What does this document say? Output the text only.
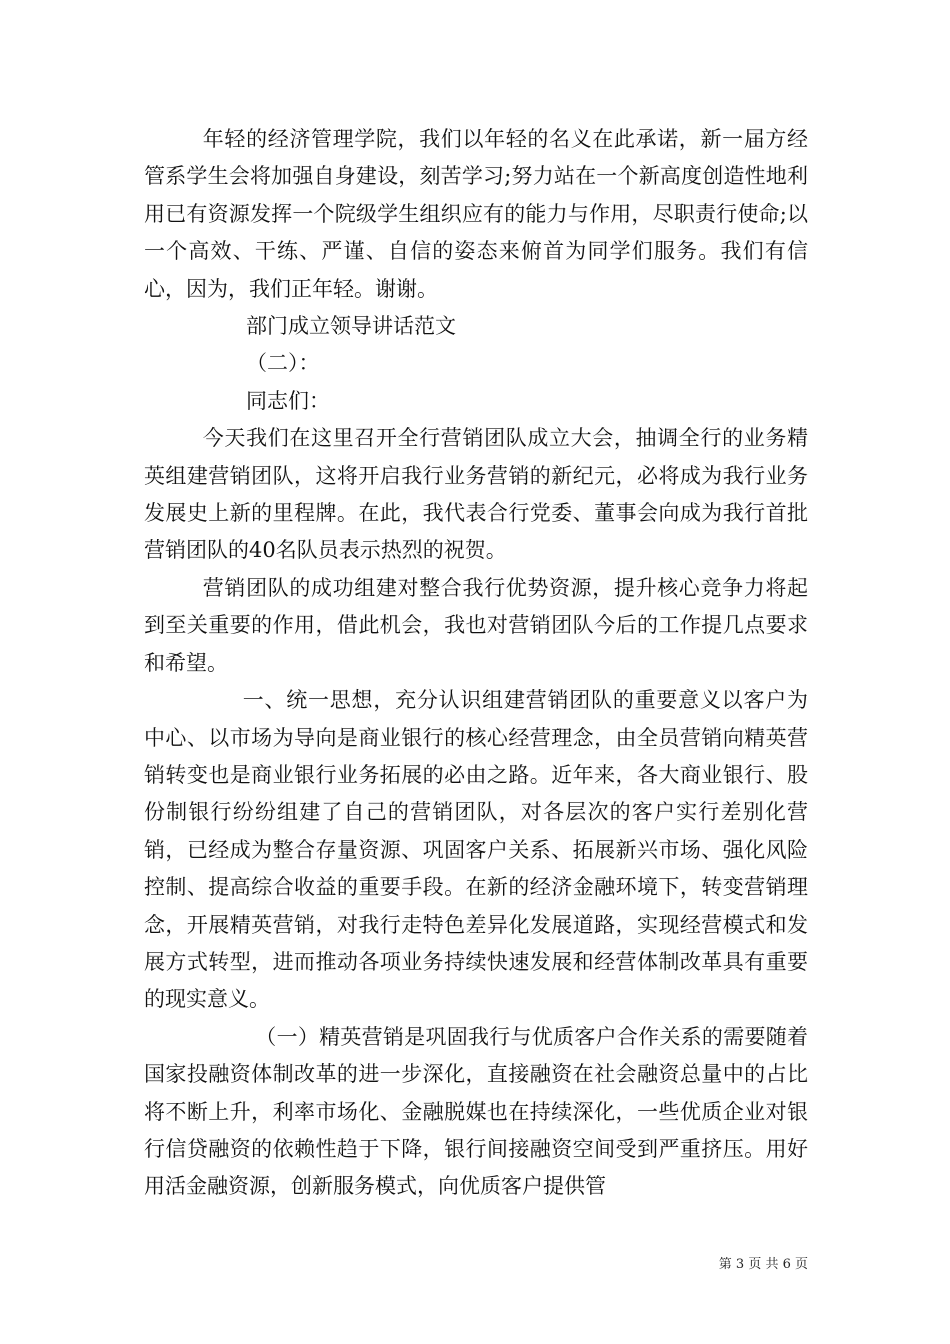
年轻的经济管理学院，我们以年轻的名义在此承诺，新一届方经管系学生会将加强自身建设，刻苦学习;努力站在一个新高度创造性地利用已有资源发挥一个院级学生组织应有的能力与作用，尽职责行使命;以一个高效、干练、严谨、自信的姿态来俯首为同学们服务。我们有信心，因为，我们正年轻。谢谢。

部门成立领导讲话范文

（二）：

同志们：

今天我们在这里召开全行营销团队成立大会，抽调全行的业务精英组建营销团队，这将开启我行业务营销的新纪元，必将成为我行业务发展史上新的里程牌。在此，我代表合行党委、董事会向成为我行首批营销团队的40名队员表示热烈的祝贺。

营销团队的成功组建对整合我行优势资源，提升核心竞争力将起到至关重要的作用，借此机会，我也对营销团队今后的工作提几点要求和希望。

一、统一思想，充分认识组建营销团队的重要意义以客户为中心、以市场为导向是商业银行的核心经营理念，由全员营销向精英营销转变也是商业银行业务拓展的必由之路。近年来，各大商业银行、股份制银行纷纷组建了自己的营销团队，对各层次的客户实行差别化营销，已经成为整合存量资源、巩固客户关系、拓展新兴市场、强化风险控制、提高综合收益的重要手段。在新的经济金融环境下，转变营销理念，开展精英营销，对我行走特色差异化发展道路，实现经营模式和发展方式转型，进而推动各项业务持续快速发展和经营体制改革具有重要的现实意义。

（一）精英营销是巩固我行与优质客户合作关系的需要随着国家投融资体制改革的进一步深化，直接融资在社会融资总量中的占比将不断上升，利率市场化、金融脱媒也在持续深化，一些优质企业对银行信贷融资的依赖性趋于下降，银行间接融资空间受到严重挤压。用好用活金融资源，创新服务模式，向优质客户提供管

第 3 页 共 6 页
